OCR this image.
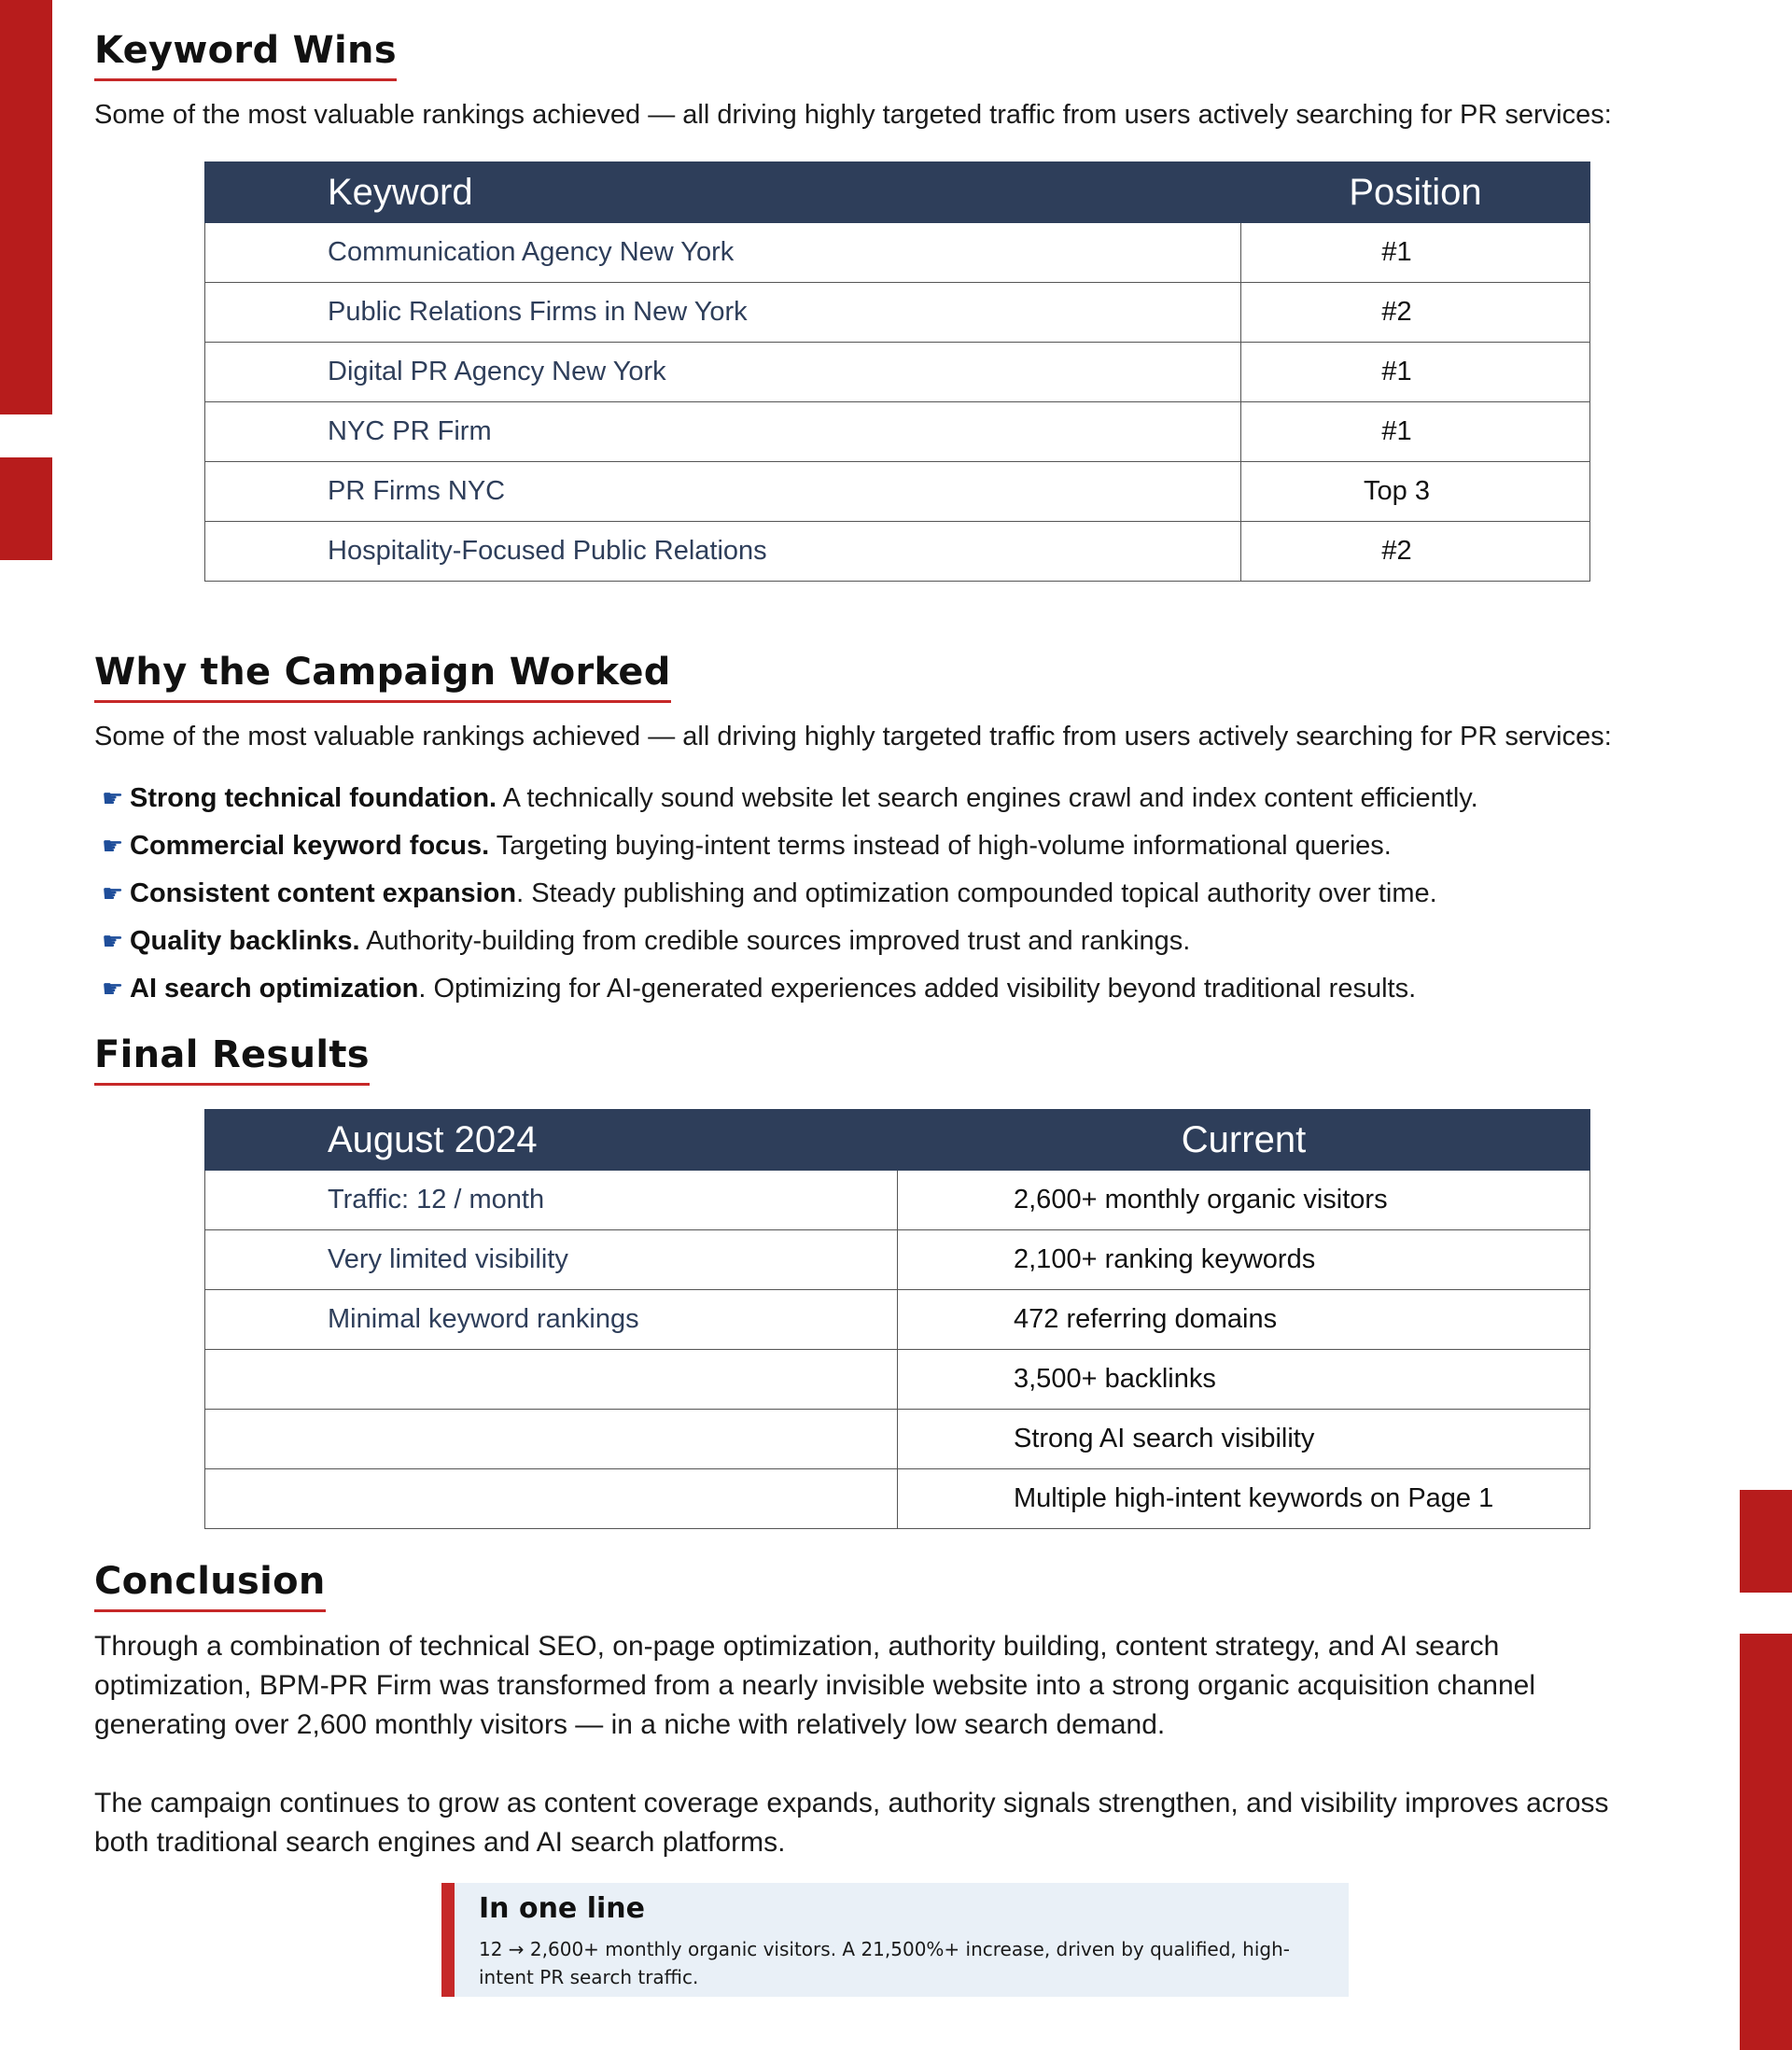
Keyword Wins

Some of the most valuable rankings achieved — all driving highly targeted traffic from users actively searching for PR services:

Keyword	Position
Communication Agency New York	#1
Public Relations Firms in New York	#2
Digital PR Agency New York	#1
NYC PR Firm	#1
PR Firms NYC	Top 3
Hospitality-Focused Public Relations	#2
Why the Campaign Worked

Some of the most valuable rankings achieved — all driving highly targeted traffic from users actively searching for PR services:

☛ Strong technical foundation. A technically sound website let search engines crawl and index content efficiently.
☛ Commercial keyword focus. Targeting buying-intent terms instead of high-volume informational queries.
☛ Consistent content expansion. Steady publishing and optimization compounded topical authority over time.
☛ Quality backlinks. Authority-building from credible sources improved trust and rankings.
☛ AI search optimization. Optimizing for AI-generated experiences added visibility beyond traditional results.
Final Results
August 2024	Current
Traffic: 12 / month	2,600+ monthly organic visitors
Very limited visibility	2,100+ ranking keywords
Minimal keyword rankings	472 referring domains
	3,500+ backlinks
	Strong AI search visibility
	Multiple high-intent keywords on Page 1
Conclusion

Through a combination of technical SEO, on-page optimization, authority building, content strategy, and AI search optimization, BPM-PR Firm was transformed from a nearly invisible website into a strong organic acquisition channel generating over 2,600 monthly visitors — in a niche with relatively low search demand.

The campaign continues to grow as content coverage expands, authority signals strengthen, and visibility improves across both traditional search engines and AI search platforms.

In one line
12 → 2,600+ monthly organic visitors. A 21,500%+ increase, driven by qualified, high-intent PR search traffic.
